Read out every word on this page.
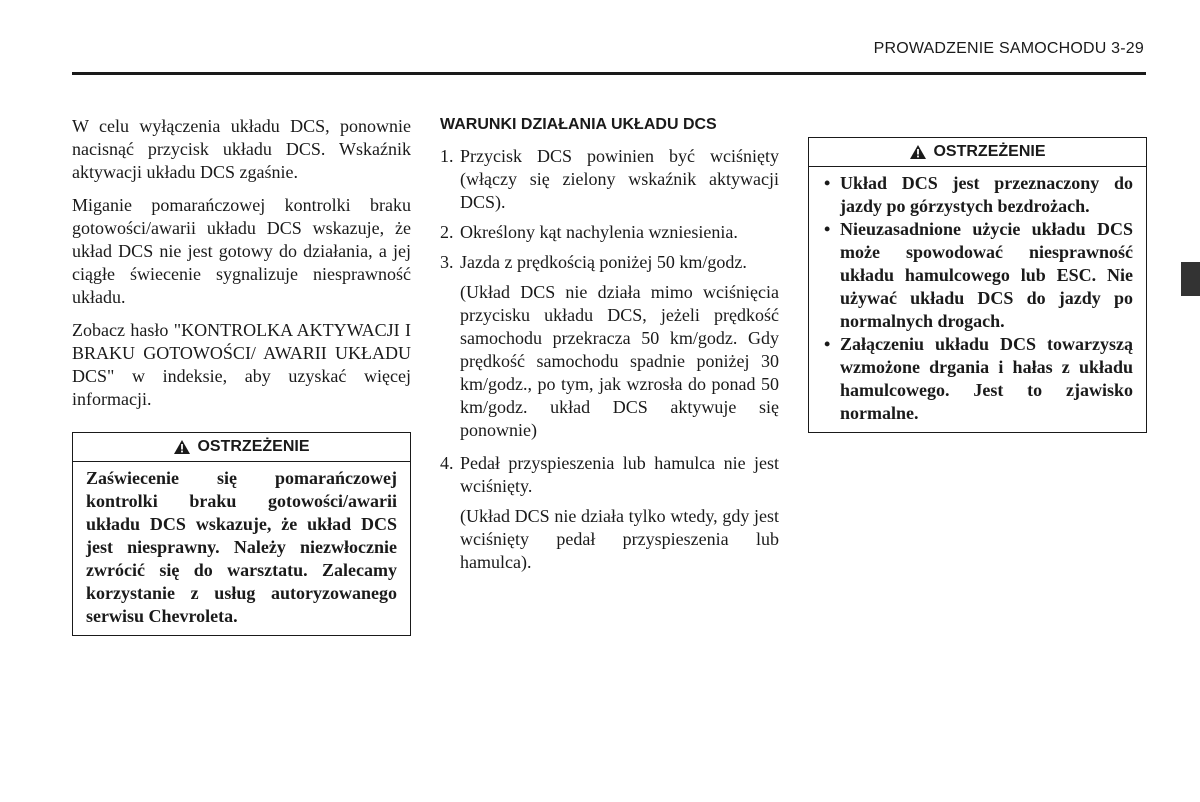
PROWADZENIE SAMOCHODU 3-29

W celu wyłączenia układu DCS, ponownie nacisnąć przycisk układu DCS. Wskaźnik aktywacji układu DCS zgaśnie.

Miganie pomarańczowej kontrolki braku gotowości/awarii układu DCS wskazuje, że układ DCS nie jest gotowy do działania, a jej ciągłe świecenie sygnalizuje niesprawność układu.

Zobacz hasło "KONTROLKA AKTYWACJI I BRAKU GOTOWOŚCI/ AWARII UKŁADU DCS" w indeksie, aby uzyskać więcej informacji.

OSTRZEŻENIE
Zaświecenie się pomarańczowej kontrolki braku gotowości/awarii układu DCS wskazuje, że układ DCS jest niesprawny. Należy niezwłocznie zwrócić się do warsztatu. Zalecamy korzystanie z usług autoryzowanego serwisu Chevroleta.
WARUNKI DZIAŁANIA UKŁADU DCS
1. Przycisk DCS powinien być wciśnięty (włączy się zielony wskaźnik aktywacji DCS).
2. Określony kąt nachylenia wzniesienia.
3. Jazda z prędkością poniżej 50 km/godz.

(Układ DCS nie działa mimo wciśnięcia przycisku układu DCS, jeżeli prędkość samochodu przekracza 50 km/godz. Gdy prędkość samochodu spadnie poniżej 30 km/godz., po tym, jak wzrosła do ponad 50 km/godz. układ DCS aktywuje się ponownie)

4. Pedał przyspieszenia lub hamulca nie jest wciśnięty.

(Układ DCS nie działa tylko wtedy, gdy jest wciśnięty pedał przyspieszenia lub hamulca).

OSTRZEŻENIE
• Układ DCS jest przeznaczony do jazdy po górzystych bezdrożach.
• Nieuzasadnione użycie układu DCS może spowodować niesprawność układu hamulcowego lub ESC. Nie używać układu DCS do jazdy po normalnych drogach.
• Załączeniu układu DCS towarzyszą wzmożone drgania i hałas z układu hamulcowego. Jest to zjawisko normalne.
